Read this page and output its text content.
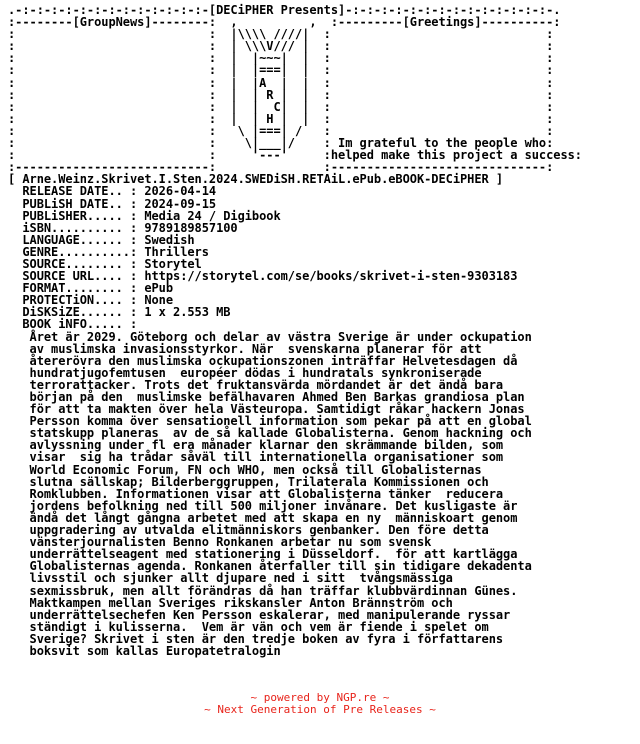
.-:-:-:-:-:-:-:-:-:-:-:-:-:-[DECiPHER Presents]-:-:-:-:-:-:-:-:-:-:-:-:-:-:-.
:--------[GroupNews]--------:  ,          ,  :---------[Greetings]----------:
:                           :  |\\\\ ////|  :                              :
:                           :  | \\\V/// |  :                              :
:                           :  |  |~~~|  |  :                              :
:                           :  |  |===|  |  :                              :
:                           :  |  |A  |  |  :                              :
:                           :  |  | R |  |  :                              :
:                           :  |  |  C|  |  :                              :
:                           :  |  | H |  |  :                              :
:                           :   \ |===| /   :                              :
:                           :    \|___|/    : Im grateful to the people who:
:                           :     '---'     :helped make this project a success:
:---------------------------:               :------------------------------:
[ Arne.Weinz.Skrivet.I.Sten.2024.SWEDiSH.RETAiL.ePub.eBOOK-DECiPHER ]
RELEASE DATE.. : 2026-04-14
PUBLiSH DATE.. : 2024-09-15
PUBLiSHER..... : Media 24 / Digibook
iSBN.......... : 9789189857100
LANGUAGE...... : Swedish
GENRE..........: Thrillers
SOURCE........ : Storytel
SOURCE URL.... : https://storytel.com/se/books/skrivet-i-sten-9303183
FORMAT........ : ePub
PROTECTiON.... : None
DiSKSiZE...... : 1 x 2.553 MB
BOOK iNFO..... :
Året är 2029. Göteborg och delar av västra Sverige är under ockupation
av muslimska invasionsstyrkor. När  svenskarna planerar för att
återerövra den muslimska ockupationszonen inträffar Helvetesdagen då
hundratjugofemtusen  européer dödas i hundratals synkroniserade
terrorattacker. Trots det fruktansvärda mördandet är det ändå bara
början på den  muslimske befälhavaren Ahmed Ben Barkas grandiosa plan
för att ta makten över hela Västeuropa. Samtidigt råkar hackern Jonas
Persson komma över sensationell information som pekar på att en global
statskupp planeras  av de så kallade Globalisterna. Genom hackning och
avlyssning under fl era månader klarnar den skrämmande bilden, som
visar  sig ha trådar såväl till internationella organisationer som
World Economic Forum, FN och WHO, men också till Globalisternas
slutna sällskap; Bilderberggruppen, Trilaterala Kommissionen och
Romklubben. Informationen visar att Globalisterna tänker  reducera
jordens befolkning ned till 500 miljoner invånare. Det kusligaste är
ändå det långt gångna arbetet med att skapa en ny  människoart genom
uppgradering av utvalda elitmänniskors genbanker. Den före detta
vänsterjournalisten Benno Ronkanen arbetar nu som svensk
underrättelseagent med stationering i Düsseldorf.  för att kartlägga
Globalisternas agenda. Ronkanen återfaller till sin tidigare dekadenta
livsstil och sjunker allt djupare ned i sitt  tvångsmässiga
sexmissbruk, men allt förändras då han träffar klubbvärdinnan Günes.
Maktkampen mellan Sveriges rikskansler Anton Brännström och
underrättelsechefen Ken Persson eskalerar, med manipulerande ryssar
ständigt i kulisserna.  Vem är vän och vem är fiende i spelet om
Sverige? Skrivet i sten är den tredje boken av fyra i författarens
boksvit som kallas Europatetralogin
~ powered by NGP.re ~
~ Next Generation of Pre Releases ~
